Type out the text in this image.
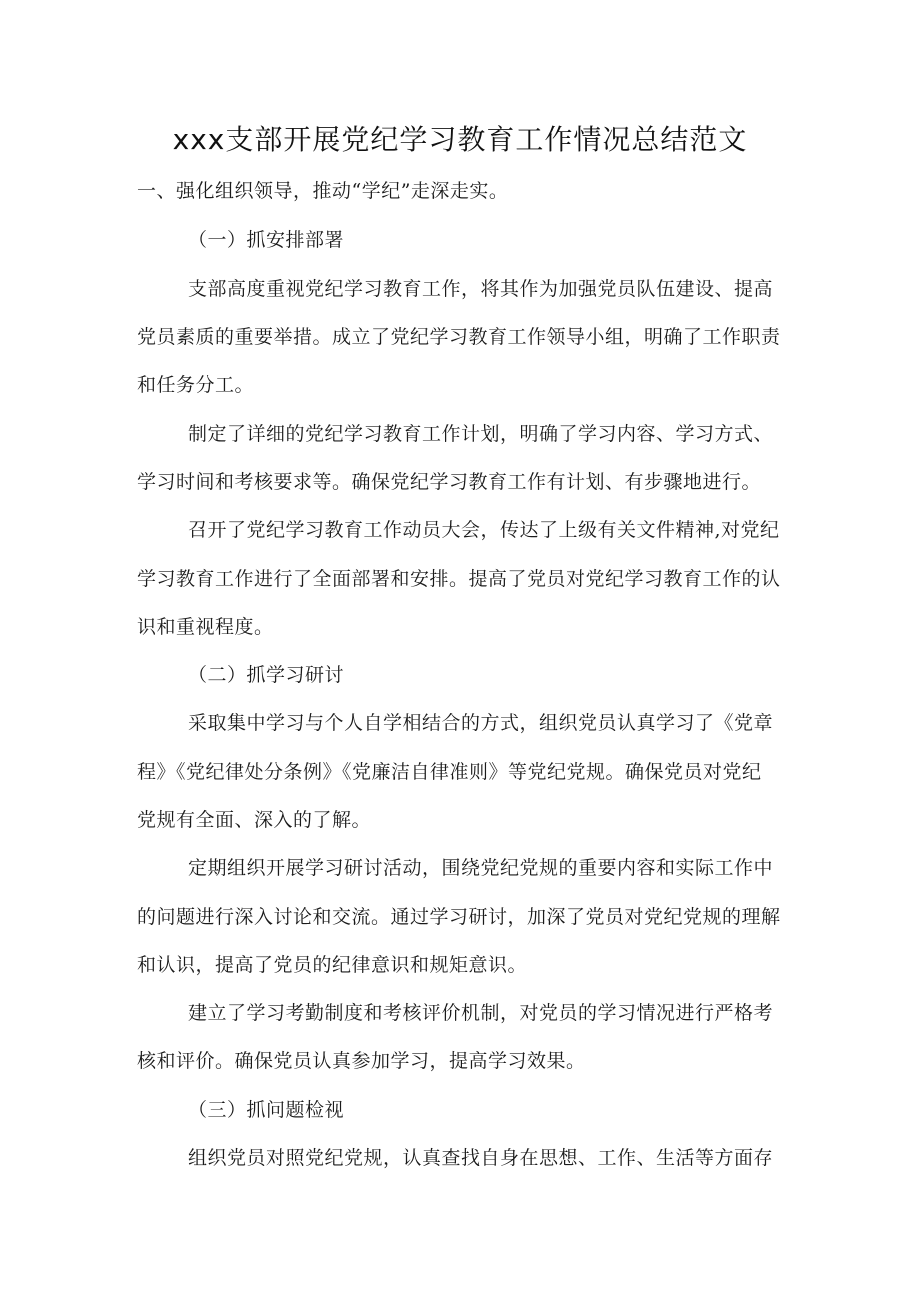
xxx支部开展党纪学习教育工作情况总结范文
一、强化组织领导，推动“学纪”走深走实。
（一）抓安排部署
支部高度重视党纪学习教育工作，将其作为加强党员队伍建设、提高
党员素质的重要举措。成立了党纪学习教育工作领导小组，明确了工作职责
和任务分工。
制定了详细的党纪学习教育工作计划，明确了学习内容、学习方式、
学习时间和考核要求等。确保党纪学习教育工作有计划、有步骤地进行。
召开了党纪学习教育工作动员大会，传达了上级有关文件精神,对党纪
学习教育工作进行了全面部署和安排。提高了党员对党纪学习教育工作的认
识和重视程度。
（二）抓学习研讨
采取集中学习与个人自学相结合的方式，组织党员认真学习了《党章
程》《党纪律处分条例》《党廉洁自律准则》等党纪党规。确保党员对党纪
党规有全面、深入的了解。
定期组织开展学习研讨活动，围绕党纪党规的重要内容和实际工作中
的问题进行深入讨论和交流。通过学习研讨，加深了党员对党纪党规的理解
和认识，提高了党员的纪律意识和规矩意识。
建立了学习考勤制度和考核评价机制，对党员的学习情况进行严格考
核和评价。确保党员认真参加学习，提高学习效果。
（三）抓问题检视
组织党员对照党纪党规，认真查找自身在思想、工作、生活等方面存
